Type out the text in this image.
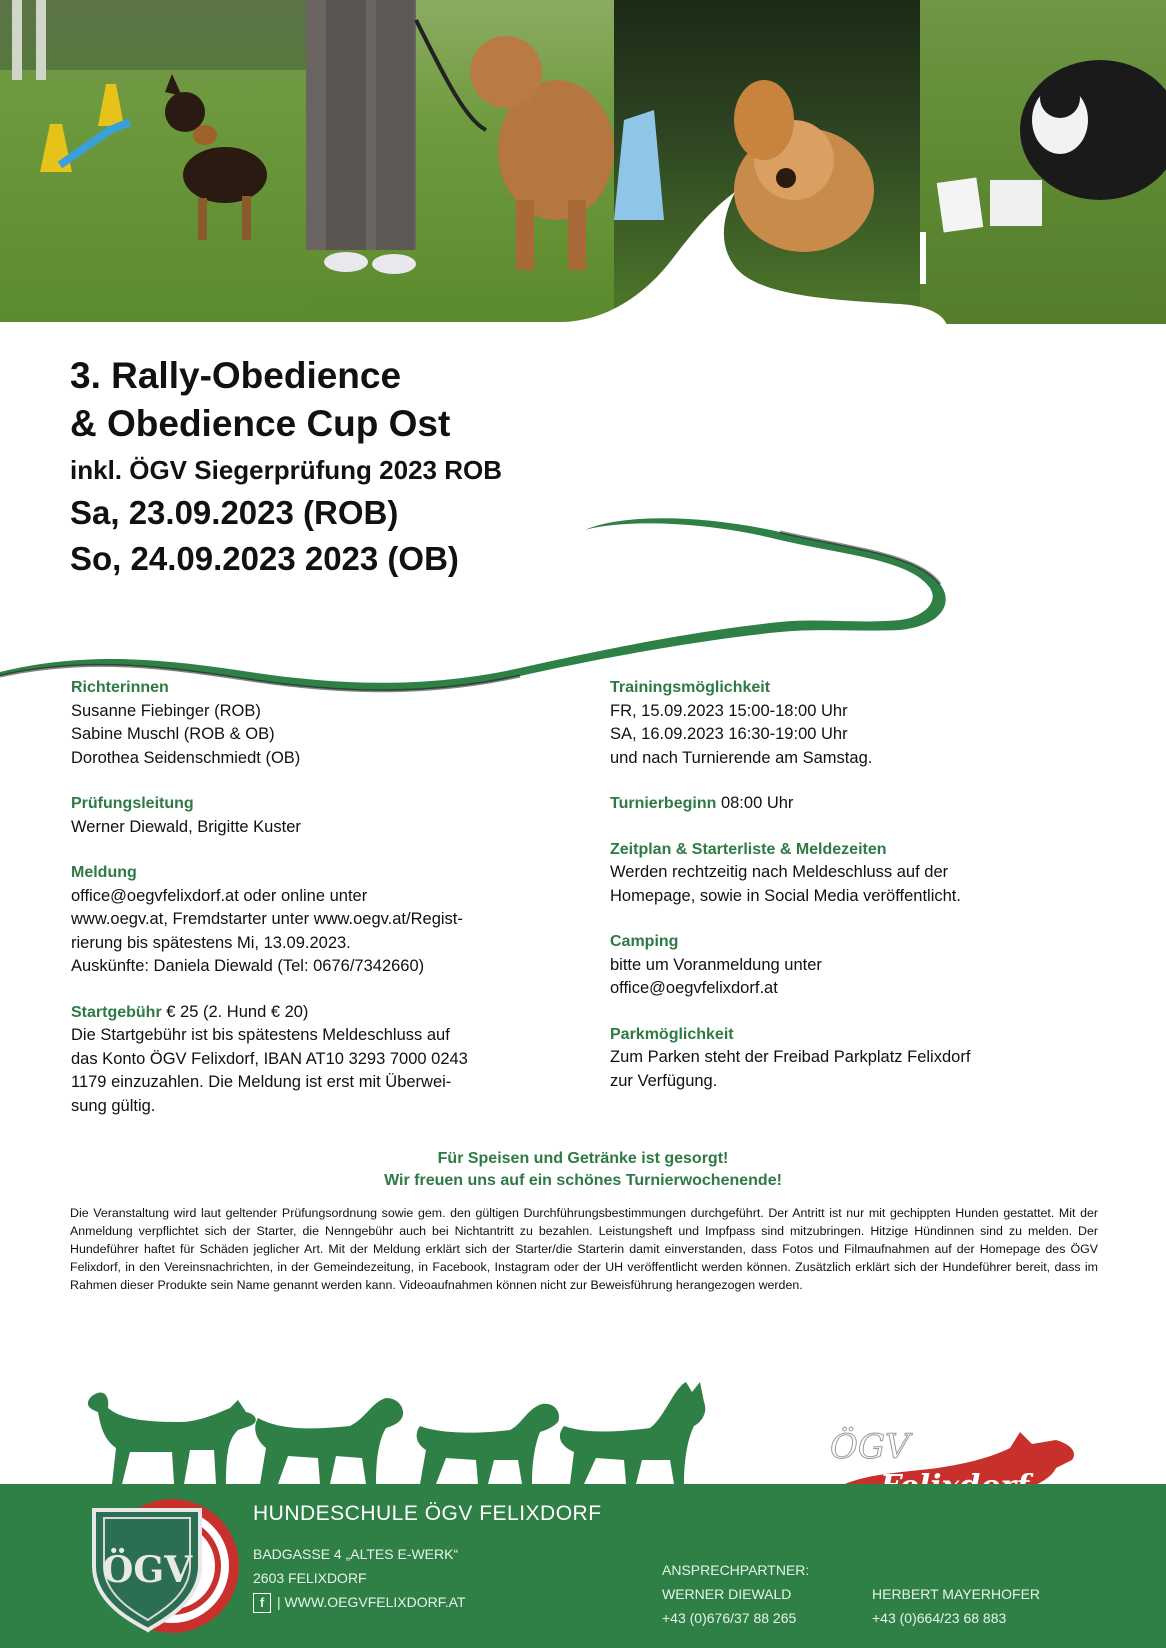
3. Rally-Obedience
& Obedience Cup Ost
inkl. ÖGV Siegerprüfung 2023 ROB
Sa, 23.09.2023 (ROB)
So, 24.09.2023 2023 (OB)
Richterinnen
Susanne Fiebinger (ROB)
Sabine Muschl (ROB & OB)
Dorothea Seidenschmiedt (OB)
Prüfungsleitung
Werner Diewald, Brigitte Kuster
Meldung
office@oegvfelixdorf.at oder online unter
www.oegv.at, Fremdstarter unter www.oegv.at/Regist-
rierung bis spätestens Mi, 13.09.2023.
Auskünfte: Daniela Diewald (Tel: 0676/7342660)
Startgebühr € 25 (2. Hund € 20)
Die Startgebühr ist bis spätestens Meldeschluss auf
das Konto ÖGV Felixdorf, IBAN AT10 3293 7000 0243
1179 einzuzahlen. Die Meldung ist erst mit Überwei-
sung gültig.
Trainingsmöglichkeit
FR, 15.09.2023 15:00-18:00 Uhr
SA, 16.09.2023 16:30-19:00 Uhr
und nach Turnierende am Samstag.
Turnierbeginn 08:00 Uhr
Zeitplan & Starterliste & Meldezeiten
Werden rechtzeitig nach Meldeschluss auf der
Homepage, sowie in Social Media veröffentlicht.
Camping
bitte um Voranmeldung unter
office@oegvfelixdorf.at
Parkmöglichkeit
Zum Parken steht der Freibad Parkplatz Felixdorf
zur Verfügung.
Für Speisen und Getränke ist gesorgt!
Wir freuen uns auf ein schönes Turnierwochenende!
Die Veranstaltung wird laut geltender Prüfungsordnung sowie gem. den gültigen Durchführungsbestimmungen durchgeführt. Der Antritt ist nur mit gechippten Hunden gestattet. Mit der Anmeldung verpflichtet sich der Starter, die Nenngebühr auch bei Nichtantritt zu bezahlen. Leistungsheft und Impfpass sind mitzubringen. Hitzige Hündinnen sind zu melden. Der Hundeführer haftet für Schäden jeglicher Art. Mit der Meldung erklärt sich der Starter/die Starterin damit einverstanden, dass Fotos und Filmaufnahmen auf der Homepage des ÖGV Felixdorf, in den Vereinsnachrichten, in der Gemeindezeitung, in Facebook, Instagram oder der UH veröffentlicht werden können. Zusätzlich erklärt sich der Hundeführer bereit, dass im Rahmen dieser Produkte sein Name genannt werden kann. Videoaufnahmen können nicht zur Beweisführung herangezogen werden.
ÖGV
HUNDESCHULE ÖGV FELIXDORF
BADGASSE 4 „ALTES E-WERK“
2603 FELIXDORF
f | WWW.OEGVFELIXDORF.AT
ANSPRECHPARTNER:
WERNER DIEWALD
+43 (0)676/37 88 265
HERBERT MAYERHOFER
+43 (0)664/23 68 883
ÖGV
